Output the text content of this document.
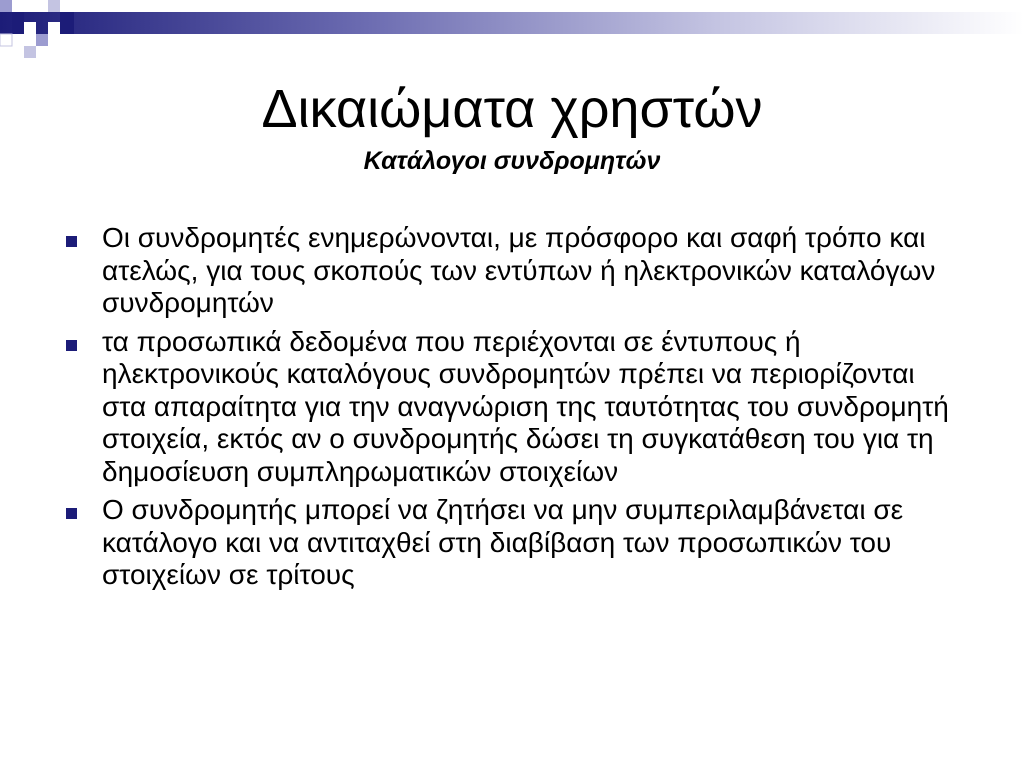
Δικαιώματα χρηστών

Κατάλογοι συνδρομητών

Οι συνδρομητές ενημερώνονται, με πρόσφορο και σαφή τρόπο και ατελώς, για τους σκοπούς των εντύπων ή ηλεκτρονικών καταλόγων συνδρομητών
τα προσωπικά δεδομένα που περιέχονται σε έντυπους ή ηλεκτρονικούς καταλόγους συνδρομητών πρέπει να περιορίζονται στα απαραίτητα για την αναγνώριση της ταυτότητας του συνδρομητή στοιχεία, εκτός αν ο συνδρομητής δώσει τη συγκατάθεση του για τη δημοσίευση συμπληρωματικών στοιχείων
Ο συνδρομητής μπορεί να ζητήσει να μην συμπεριλαμβάνεται σε κατάλογο και να αντιταχθεί στη διαβίβαση των προσωπικών του στοιχείων σε τρίτους
